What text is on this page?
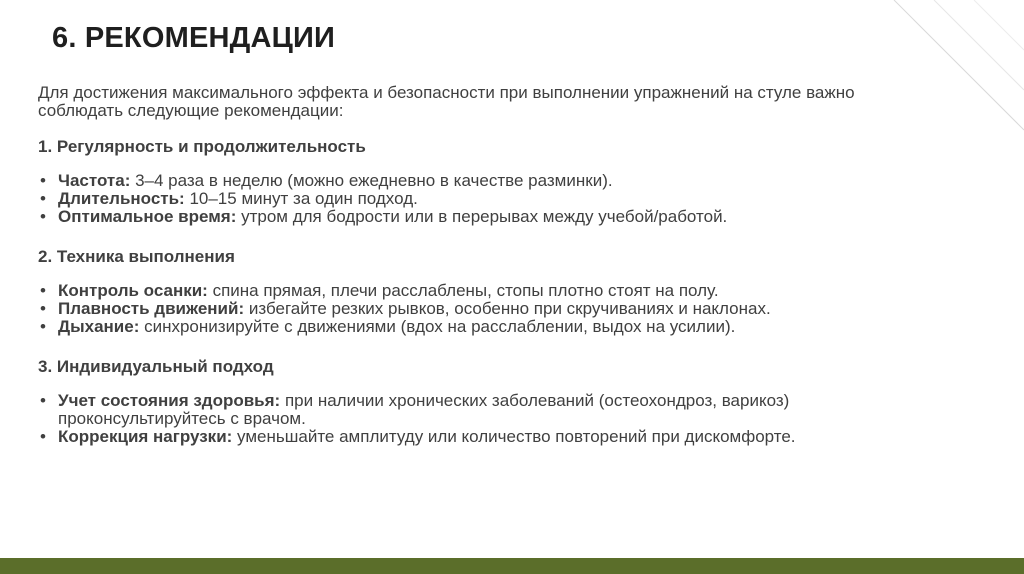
6. РЕКОМЕНДАЦИИ

Для достижения максимального эффекта и безопасности при выполнении упражнений на стуле важно соблюдать следующие рекомендации:

1. Регулярность и продолжительность
• Частота: 3–4 раза в неделю (можно ежедневно в качестве разминки).
• Длительность: 10–15 минут за один подход.
• Оптимальное время: утром для бодрости или в перерывах между учебой/работой.
2. Техника выполнения
• Контроль осанки: спина прямая, плечи расслаблены, стопы плотно стоят на полу.
• Плавность движений: избегайте резких рывков, особенно при скручиваниях и наклонах.
• Дыхание: синхронизируйте с движениями (вдох на расслаблении, выдох на усилии).
3. Индивидуальный подход
• Учет состояния здоровья: при наличии хронических заболеваний (остеохондроз, варикоз) проконсультируйтесь с врачом.
• Коррекция нагрузки: уменьшайте амплитуду или количество повторений при дискомфорте.
